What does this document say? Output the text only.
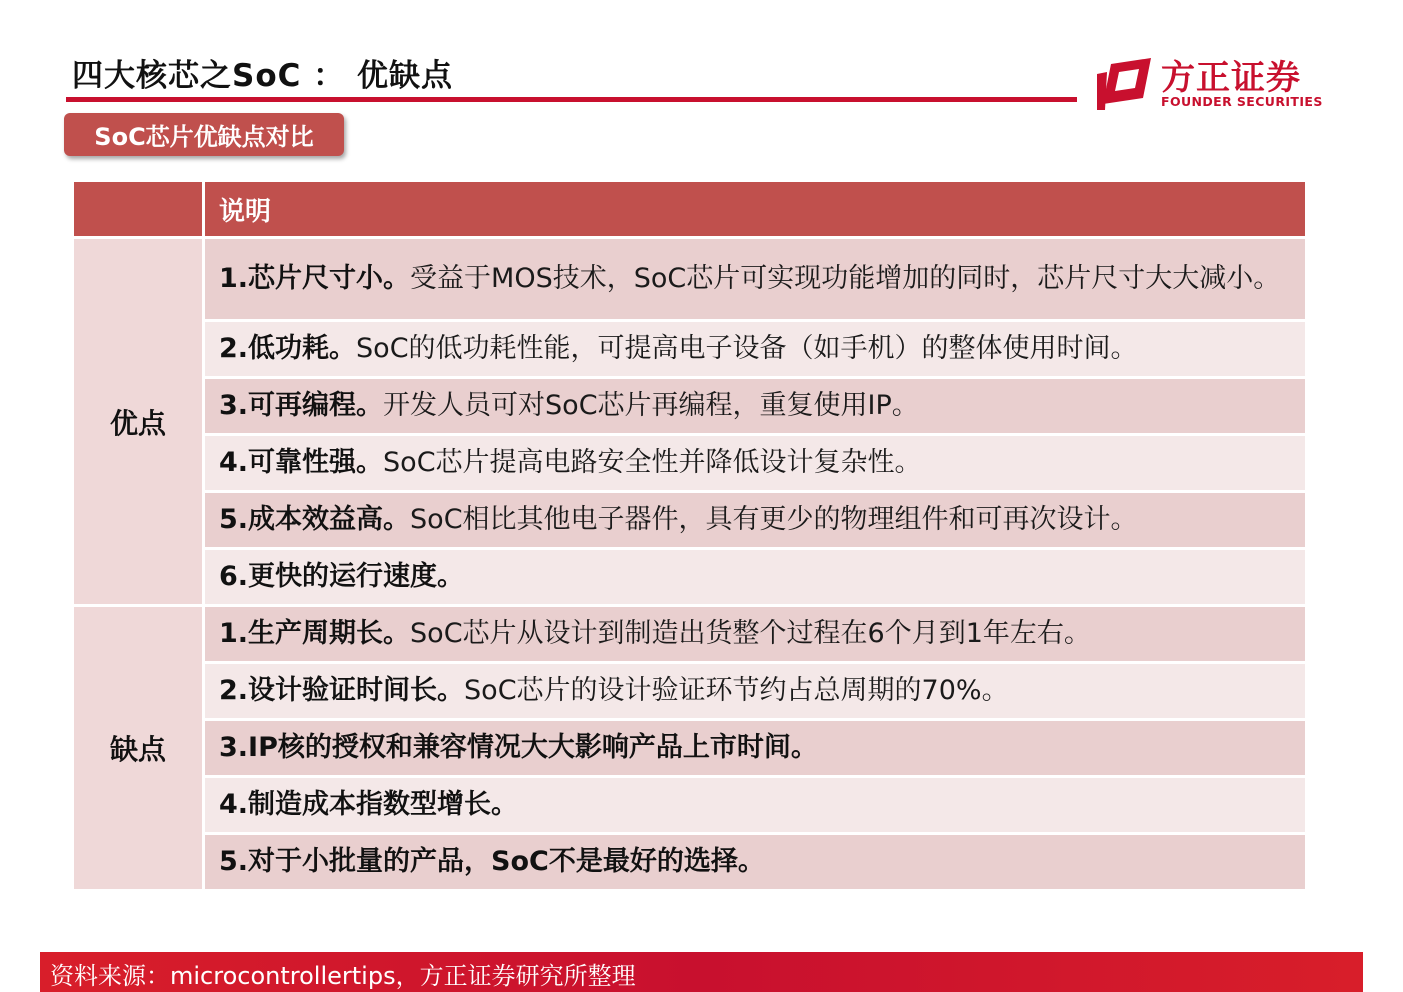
四大核芯之SoC ： 优缺点	方正证券
FOUNDER SECURITIES
SoC芯片优缺点对比
	说明
优点	1.芯片尺寸小。受益于MOS技术，SoC芯片可实现功能增加的同时，芯片尺寸大大减小。
	2.低功耗。SoC的低功耗性能，可提高电子设备（如手机）的整体使用时间。
	3.可再编程。开发人员可对SoC芯片再编程，重复使用IP。
	4.可靠性强。SoC芯片提高电路安全性并降低设计复杂性。
	5.成本效益高。SoC相比其他电子器件，具有更少的物理组件和可再次设计。
	6.更快的运行速度。
缺点	1.生产周期长。SoC芯片从设计到制造出货整个过程在6个月到1年左右。
	2.设计验证时间长。SoC芯片的设计验证环节约占总周期的70%。
	3.IP核的授权和兼容情况大大影响产品上市时间。
	4.制造成本指数型增长。
	5.对于小批量的产品，SoC不是最好的选择。
资料来源：microcontrollertips，方正证券研究所整理
